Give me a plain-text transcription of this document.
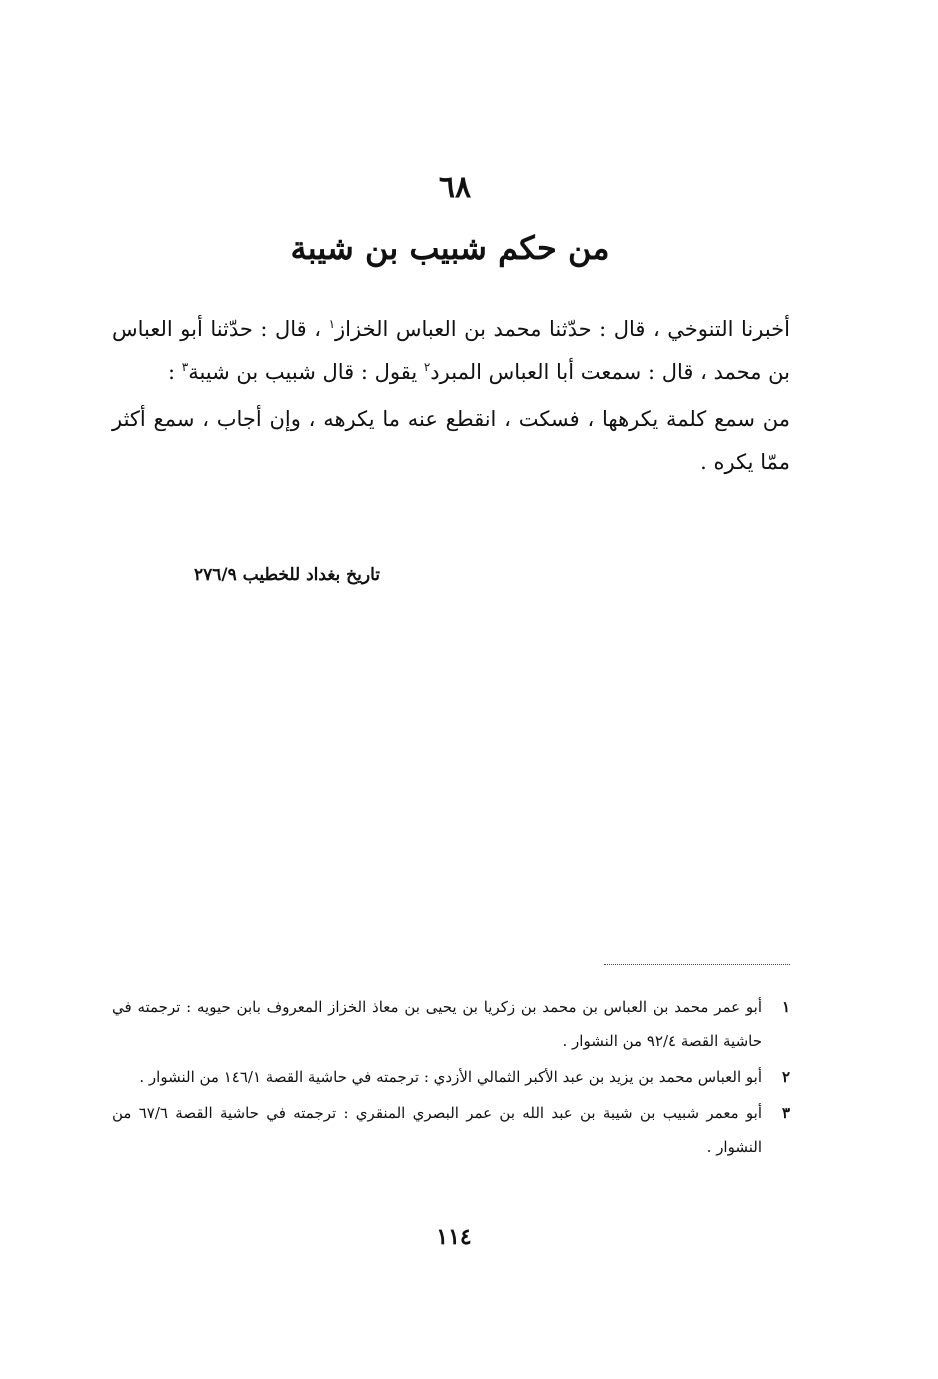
٦٨
من حكم شبيب بن شيبة

أخبرنا التنوخي ، قال : حدّثنا محمد بن العباس الخزاز$^١$ ، قال : حدّثنا أبو العباس بن محمد ، قال : سمعت أبا العباس المبرد$^٢$ يقول : قال شبيب بن شيبة$^٣$ :

من سمع كلمة يكرهها ، فسكت ، انقطع عنه ما يكرهه ، وإن أجاب ، سمع أكثر ممّا يكره .

تاريخ بغداد للخطيب ٢٧٦/٩
١
أبو عمر محمد بن العباس بن محمد بن زكريا بن يحيى بن معاذ الخزاز المعروف بابن حيويه : ترجمته في حاشية القصة ٩٢/٤ من النشوار .
٢
أبو العباس محمد بن يزيد بن عبد الأكبر الثمالي الأزدي : ترجمته في حاشية القصة ١٤٦/١ من النشوار .
٣
أبو معمر شبيب بن شيبة بن عبد الله بن عمر البصري المنقري : ترجمته في حاشية القصة ٦٧/٦ من النشوار .
١١٤
